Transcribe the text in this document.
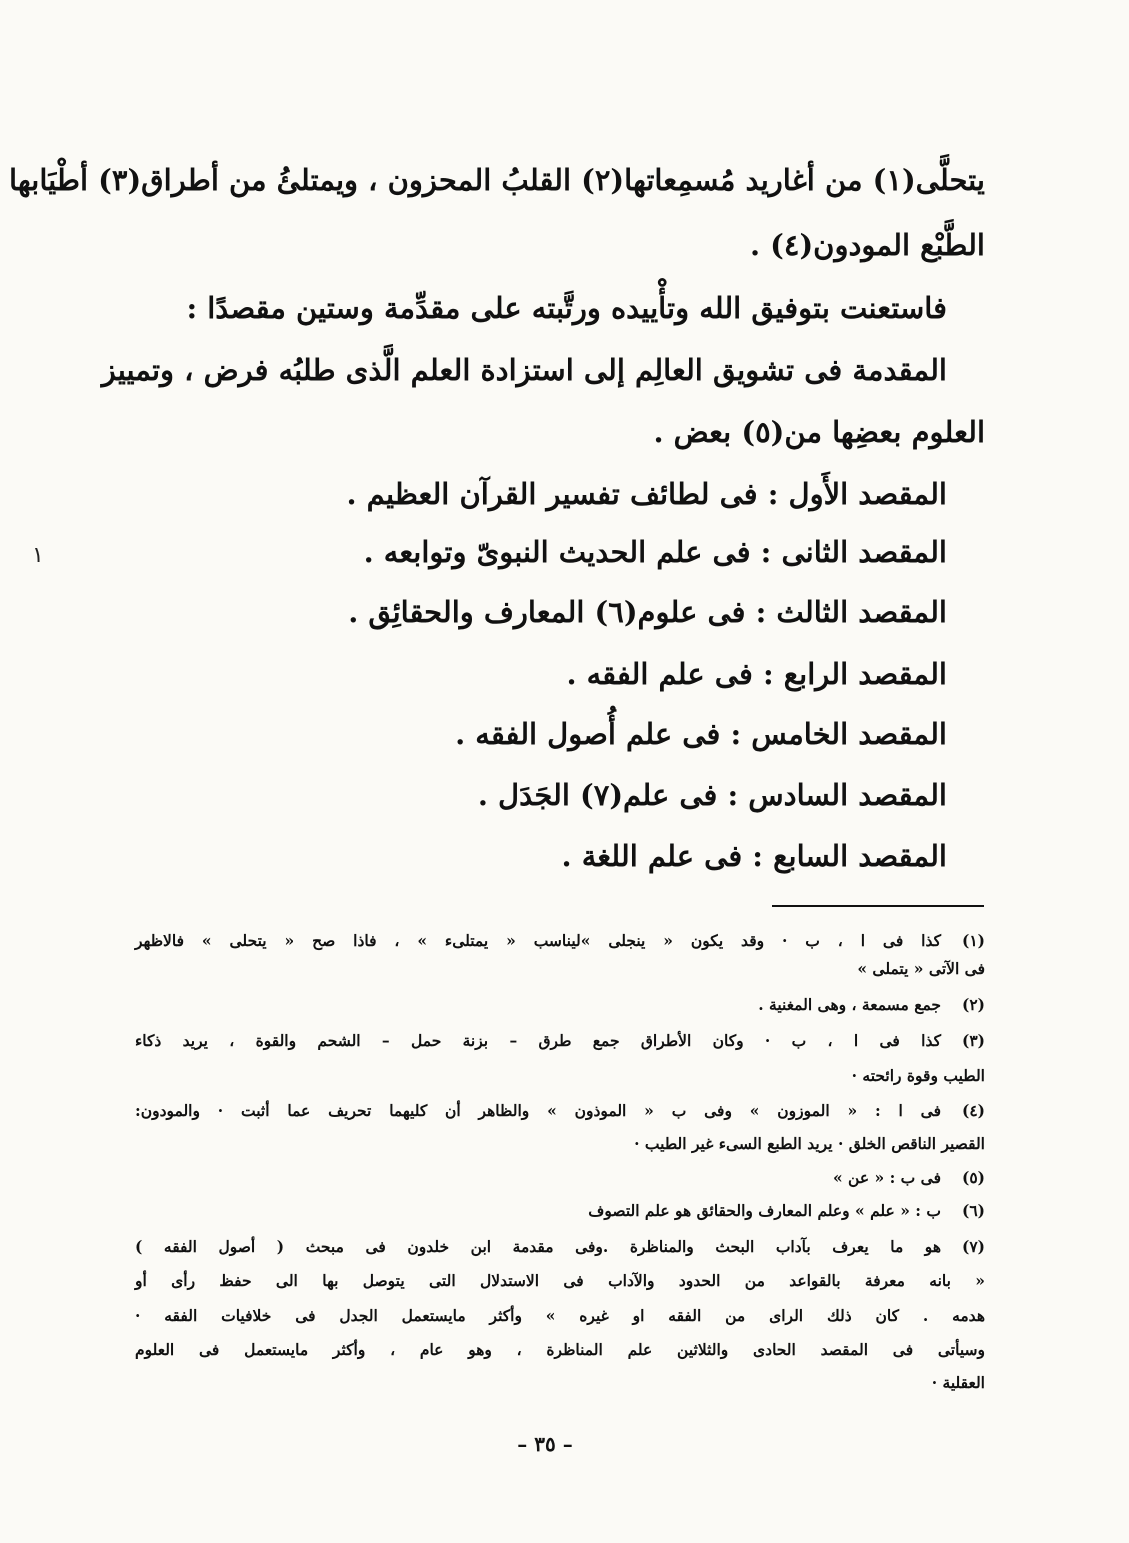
يتحلَّى(١) من أغاريد مُسمِعاتها(٢) القلبُ المحزون ، ويمتلئُ من أطراق(٣) أطْيَابها
الطَّبْع المودون(٤) .
فاستعنت بتوفيق الله وتأْييده ورتَّبته على مقدِّمة وستين مقصدًا :
المقدمة فى تشويق العالِم إلى استزادة العلم الَّذى طلبُه فرض ، وتمييز
العلوم بعضِها من(٥) بعض .
المقصد الأَول : فى لطائف تفسير القرآن العظيم .
المقصد الثانى : فى علم الحديث النبوىّ وتوابعه .
المقصد الثالث : فى علوم(٦) المعارف والحقائِق .
المقصد الرابع : فى علم الفقه .
المقصد الخامس : فى علم أُصول الفقه .
المقصد السادس : فى علم(٧) الجَدَل .
المقصد السابع : فى علم اللغة .
١
(١)كذا فى ا ، ب · وقد يكون « ينجلى »ليناسب « يمتلىء » ، فاذا صح « يتحلى » فالاظهر
فى الآتى « يتملى »
(٢)جمع مسمعة ، وهى المغنية .
(٣)كذا فى ا ، ب · وكان الأطراق جمع طرق – بزنة حمل – الشحم والقوة ، يريد ذكاء
الطيب وقوة رائحته ·
(٤)فى ا : « الموزون » وفى ب « الموذون » والظاهر أن كليهما تحريف عما أثبت · والمودون:
القصير الناقص الخلق · يريد الطبع السىء غير الطيب ·
(٥)فى ب : « عن »
(٦)ب : « علم » وعلم المعارف والحقائق هو علم التصوف
(٧)هو ما يعرف بآداب البحث والمناظرة .وفى مقدمة ابن خلدون فى مبحث ( أصول الفقه )
« بانه معرفة بالقواعد من الحدود والآداب فى الاستدلال التى يتوصل بها الى حفظ رأى أو
هدمه . كان ذلك الراى من الفقه او غيره » وأكثر مايستعمل الجدل فى خلافيات الفقه ·
وسيأتى فى المقصد الحادى والثلاثين علم المناظرة ، وهو عام ، وأكثر مايستعمل فى العلوم
العقلية ·
– ٣٥ –
